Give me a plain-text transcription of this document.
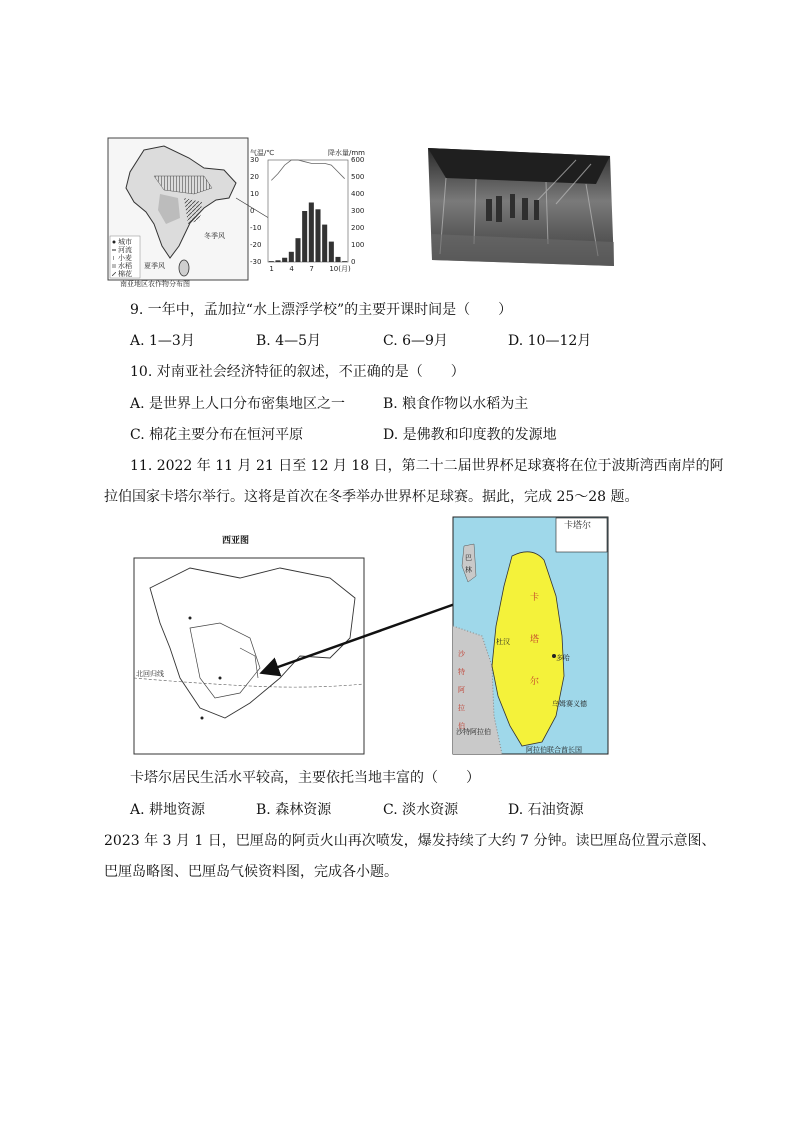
城市
河流
小麦
水稻
棉花
冬季风
夏季风
南亚地区农作物分布图
气温/℃	降水量/mm
30
20
10
0
-10
-20
-30
600
500
400
300
200
100
0
1 4 7 10(月)
9. 一年中，孟加拉“水上漂浮学校”的主要开课时间是（　　）
A. 1—3月	B. 4—5月	C. 6—9月	D. 10—12月
10. 对南亚社会经济特征的叙述，不正确的是（　　）
A. 是世界上人口分布密集地区之一	B. 粮食作物以水稻为主
C. 棉花主要分布在恒河平原	D. 是佛教和印度教的发源地
11. 2022 年 11 月 21 日至 12 月 18 日，第二十二届世界杯足球赛将在位于波斯湾西南岸的阿
拉伯国家卡塔尔举行。这将是首次在冬季举办世界杯足球赛。据此，完成 25～28 题。
西亚图
北回归线
卡塔尔
卡
塔
尔
巴
林
沙
特
阿
拉
伯
多哈
杜汉
乌姆赛义德
沙特阿拉伯
阿拉伯联合酋长国
卡塔尔居民生活水平较高，主要依托当地丰富的（　　）
A. 耕地资源	B. 森林资源	C. 淡水资源	D. 石油资源
2023 年 3 月 1 日，巴厘岛的阿贡火山再次喷发，爆发持续了大约 7 分钟。读巴厘岛位置示意图、
巴厘岛略图、巴厘岛气候资料图，完成各小题。
